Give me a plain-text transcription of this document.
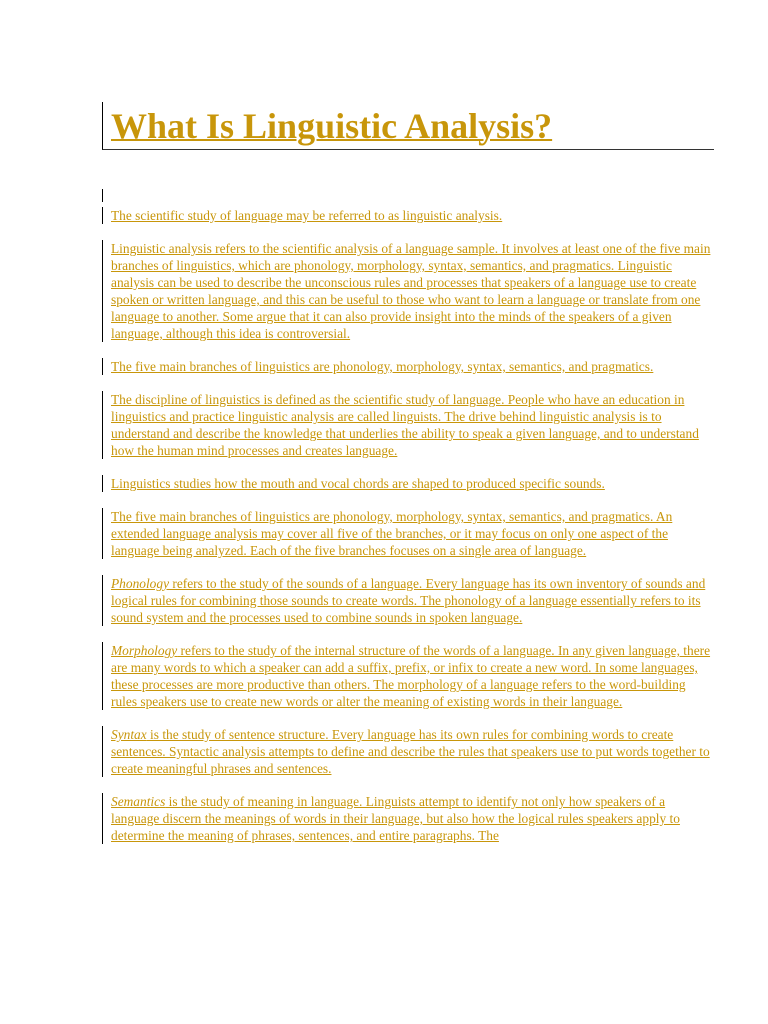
What Is Linguistic Analysis?

The scientific study of language may be referred to as linguistic analysis.

Linguistic analysis refers to the scientific analysis of a language sample. It involves at least one of the five main branches of linguistics, which are phonology, morphology, syntax, semantics, and pragmatics. Linguistic analysis can be used to describe the unconscious rules and processes that speakers of a language use to create spoken or written language, and this can be useful to those who want to learn a language or translate from one language to another. Some argue that it can also provide insight into the minds of the speakers of a given language, although this idea is controversial.

The five main branches of linguistics are phonology, morphology, syntax, semantics, and pragmatics.

The discipline of linguistics is defined as the scientific study of language. People who have an education in linguistics and practice linguistic analysis are called linguists. The drive behind linguistic analysis is to understand and describe the knowledge that underlies the ability to speak a given language, and to understand how the human mind processes and creates language.

Linguistics studies how the mouth and vocal chords are shaped to produced specific sounds.

The five main branches of linguistics are phonology, morphology, syntax, semantics, and pragmatics. An extended language analysis may cover all five of the branches, or it may focus on only one aspect of the language being analyzed. Each of the five branches focuses on a single area of language.

Phonology refers to the study of the sounds of a language. Every language has its own inventory of sounds and logical rules for combining those sounds to create words. The phonology of a language essentially refers to its sound system and the processes used to combine sounds in spoken language.

Morphology refers to the study of the internal structure of the words of a language. In any given language, there are many words to which a speaker can add a suffix, prefix, or infix to create a new word. In some languages, these processes are more productive than others. The morphology of a language refers to the word-building rules speakers use to create new words or alter the meaning of existing words in their language.

Syntax is the study of sentence structure. Every language has its own rules for combining words to create sentences. Syntactic analysis attempts to define and describe the rules that speakers use to put words together to create meaningful phrases and sentences.

Semantics is the study of meaning in language. Linguists attempt to identify not only how speakers of a language discern the meanings of words in their language, but also how the logical rules speakers apply to determine the meaning of phrases, sentences, and entire paragraphs. The
